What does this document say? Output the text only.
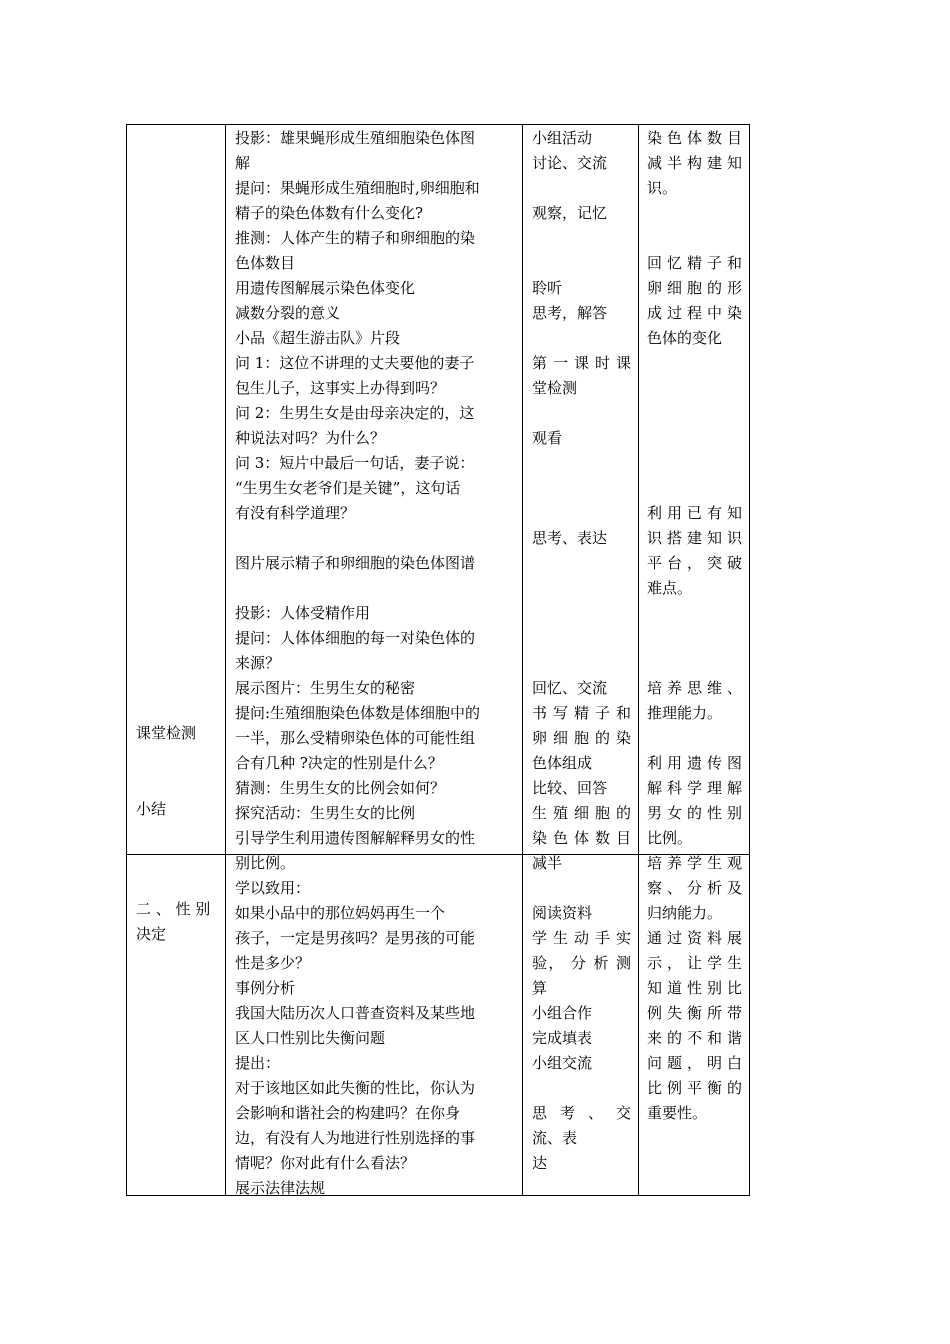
课堂检测
小结
二 、 性 别
决定
投影：雄果蝇形成生殖细胞染色体图
解
提问：果蝇形成生殖细胞时,卵细胞和
精子的染色体数有什么变化?
推测：人体产生的精子和卵细胞的染
色体数目
用遗传图解展示染色体变化
减数分裂的意义
小品《超生游击队》片段
问 1：这位不讲理的丈夫要他的妻子
包生儿子，这事实上办得到吗？
问 2：生男生女是由母亲决定的，这
种说法对吗？为什么？
问 3：短片中最后一句话，妻子说：
“生男生女老爷们是关键”，这句话
有没有科学道理？
图片展示精子和卵细胞的染色体图谱
投影：人体受精作用
提问：人体体细胞的每一对染色体的
来源？
展示图片：生男生女的秘密
提问:生殖细胞染色体数是体细胞中的
一半，那么受精卵染色体的可能性组
合有几种 ?决定的性别是什么？
猜测：生男生女的比例会如何？
探究活动：生男生女的比例
引导学生利用遗传图解解释男女的性
别比例。
学以致用：
如果小品中的那位妈妈再生一个
孩子，一定是男孩吗？是男孩的可能
性是多少？
事例分析
我国大陆历次人口普查资料及某些地
区人口性别比失衡问题
提出：
对于该地区如此失衡的性比，你认为
会影响和谐社会的构建吗？在你身
边，有没有人为地进行性别选择的事
情呢？你对此有什么看法？
展示法律法规
小组活动
讨论、交流
观察，记忆
聆听
思考，解答
第 一 课 时 课
堂检测
观看
思考、表达
回忆、交流
书 写 精 子 和
卵 细 胞 的 染
色体组成
比较、回答
生 殖 细 胞 的
染 色 体 数 目
减半
阅读资料
学 生 动 手 实
验， 分 析 测
算
小组合作
完成填表
小组交流
思 考 、 交
流、表
达
染 色 体 数 目
减 半 构 建 知
识。
回 忆 精 子 和
卵 细 胞 的 形
成 过 程 中 染
色体的变化
利 用 已 有 知
识 搭 建 知 识
平 台 ， 突 破
难点。
培 养 思 维 、
推理能力。
利 用 遗 传 图
解 科 学 理 解
男 女 的 性 别
比例。
培 养 学 生 观
察 、 分 析 及
归纳能力。
通 过 资 料 展
示 ， 让 学 生
知 道 性 别 比
例 失 衡 所 带
来 的 不 和 谐
问 题 ， 明 白
比 例 平 衡 的
重要性。
